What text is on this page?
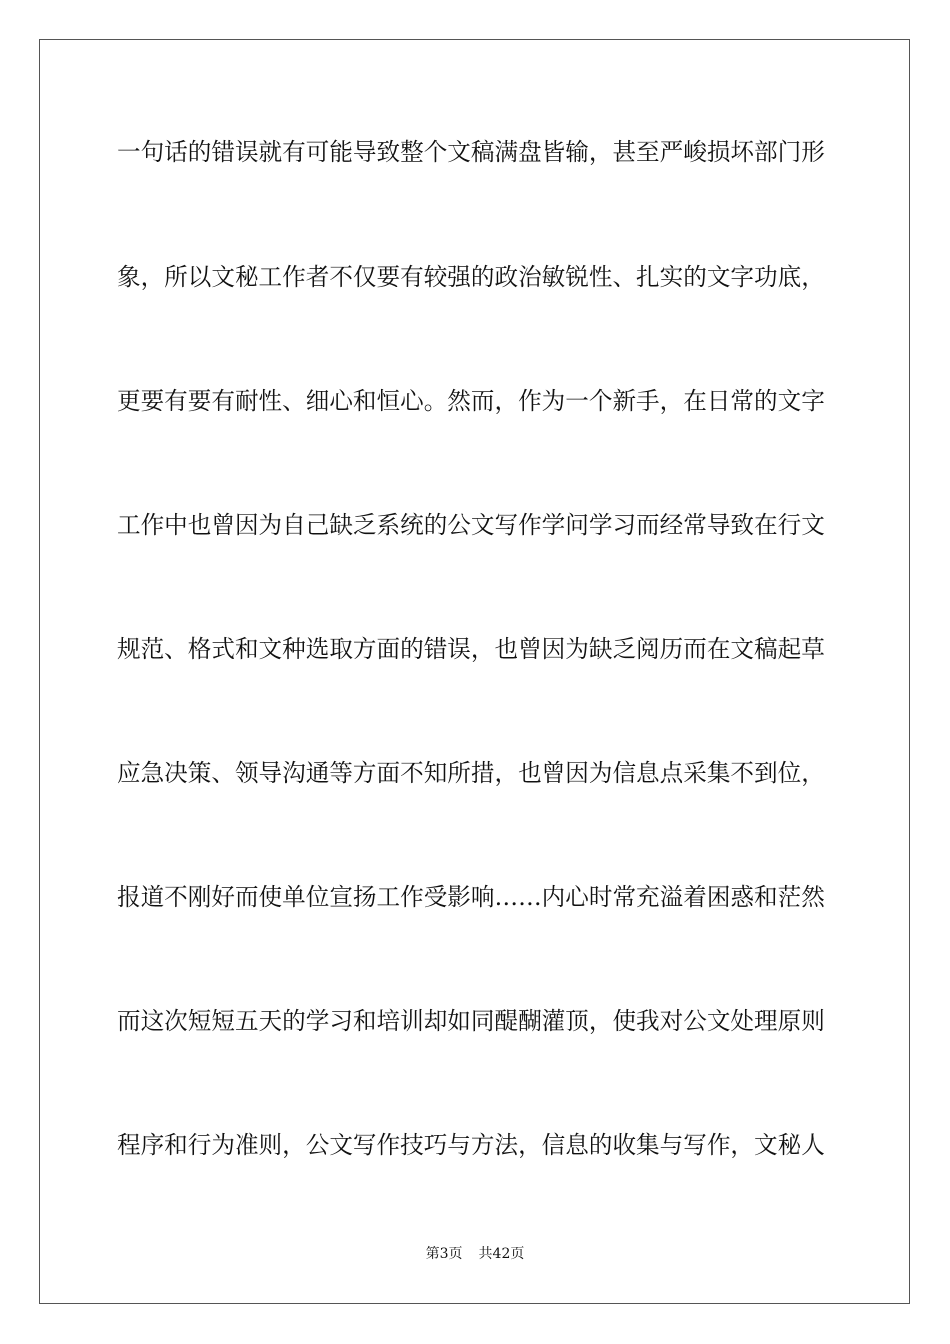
一句话的错误就有可能导致整个文稿满盘皆输，甚至严峻损坏部门形
象，所以文秘工作者不仅要有较强的政治敏锐性、扎实的文字功底，
更要有要有耐性、细心和恒心。然而，作为一个新手，在日常的文字
工作中也曾因为自己缺乏系统的公文写作学问学习而经常导致在行文
规范、格式和文种选取方面的错误，也曾因为缺乏阅历而在文稿起草
应急决策、领导沟通等方面不知所措，也曾因为信息点采集不到位，
报道不刚好而使单位宣扬工作受影响……内心时常充溢着困惑和茫然
而这次短短五天的学习和培训却如同醍醐灌顶，使我对公文处理原则
程序和行为准则，公文写作技巧与方法，信息的收集与写作，文秘人
第3页 共42页
